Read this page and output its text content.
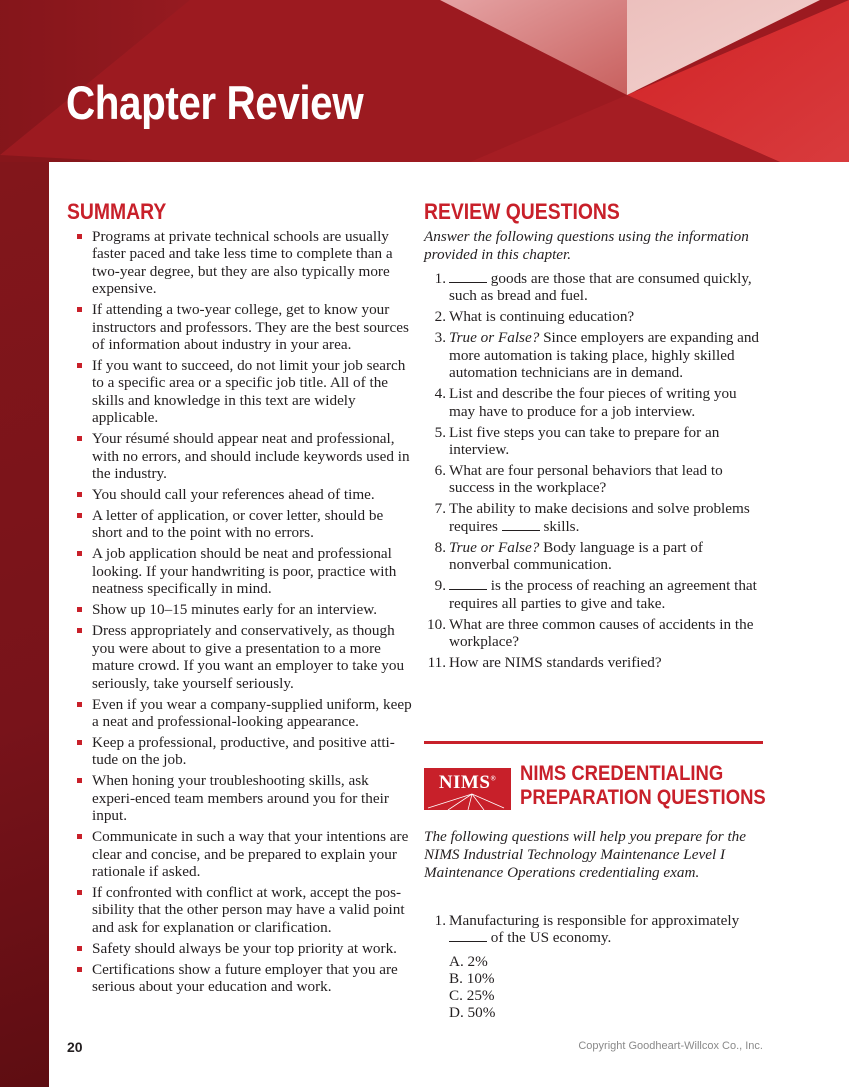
Chapter Review
SUMMARY
Programs at private technical schools are usually faster paced and take less time to complete than a two-year degree, but they are also typically more expensive.
If attending a two-year college, get to know your instructors and professors. They are the best sources of information about industry in your area.
If you want to succeed, do not limit your job search to a specific area or a specific job title. All of the skills and knowledge in this text are widely applicable.
Your résumé should appear neat and professional, with no errors, and should include keywords used in the industry.
You should call your references ahead of time.
A letter of application, or cover letter, should be short and to the point with no errors.
A job application should be neat and professional looking. If your handwriting is poor, practice with neatness specifically in mind.
Show up 10–15 minutes early for an interview.
Dress appropriately and conservatively, as though you were about to give a presentation to a more mature crowd. If you want an employer to take you seriously, take yourself seriously.
Even if you wear a company-supplied uniform, keep a neat and professional-looking appearance.
Keep a professional, productive, and positive atti-tude on the job.
When honing your troubleshooting skills, ask experi-enced team members around you for their input.
Communicate in such a way that your intentions are clear and concise, and be prepared to explain your rationale if asked.
If confronted with conflict at work, accept the pos-sibility that the other person may have a valid point and ask for explanation or clarification.
Safety should always be your top priority at work.
Certifications show a future employer that you are serious about your education and work.
REVIEW QUESTIONS
Answer the following questions using the information provided in this chapter.
1.	goods are those that are consumed quickly, such as bread and fuel.
2. What is continuing education?
3. True or False? Since employers are expanding and more automation is taking place, highly skilled automation technicians are in demand.
4. List and describe the four pieces of writing you may have to produce for a job interview.
5. List five steps you can take to prepare for an interview.
6. What are four personal behaviors that lead to success in the workplace?
7. The ability to make decisions and solve problems requires	skills.
8. True or False? Body language is a part of nonverbal communication.
9.	is the process of reaching an agreement that requires all parties to give and take.
10. What are three common causes of accidents in the workplace?
11. How are NIMS standards verified?
NIMS®	NIMS CREDENTIALING
PREPARATION QUESTIONS
The following questions will help you prepare for the NIMS Industrial Technology Maintenance Level I Maintenance Operations credentialing exam.
1. Manufacturing is responsible for approximately  of the US economy.
A. 2%
B. 10%
C. 25%
D. 50%
20	Copyright Goodheart-Willcox Co., Inc.
